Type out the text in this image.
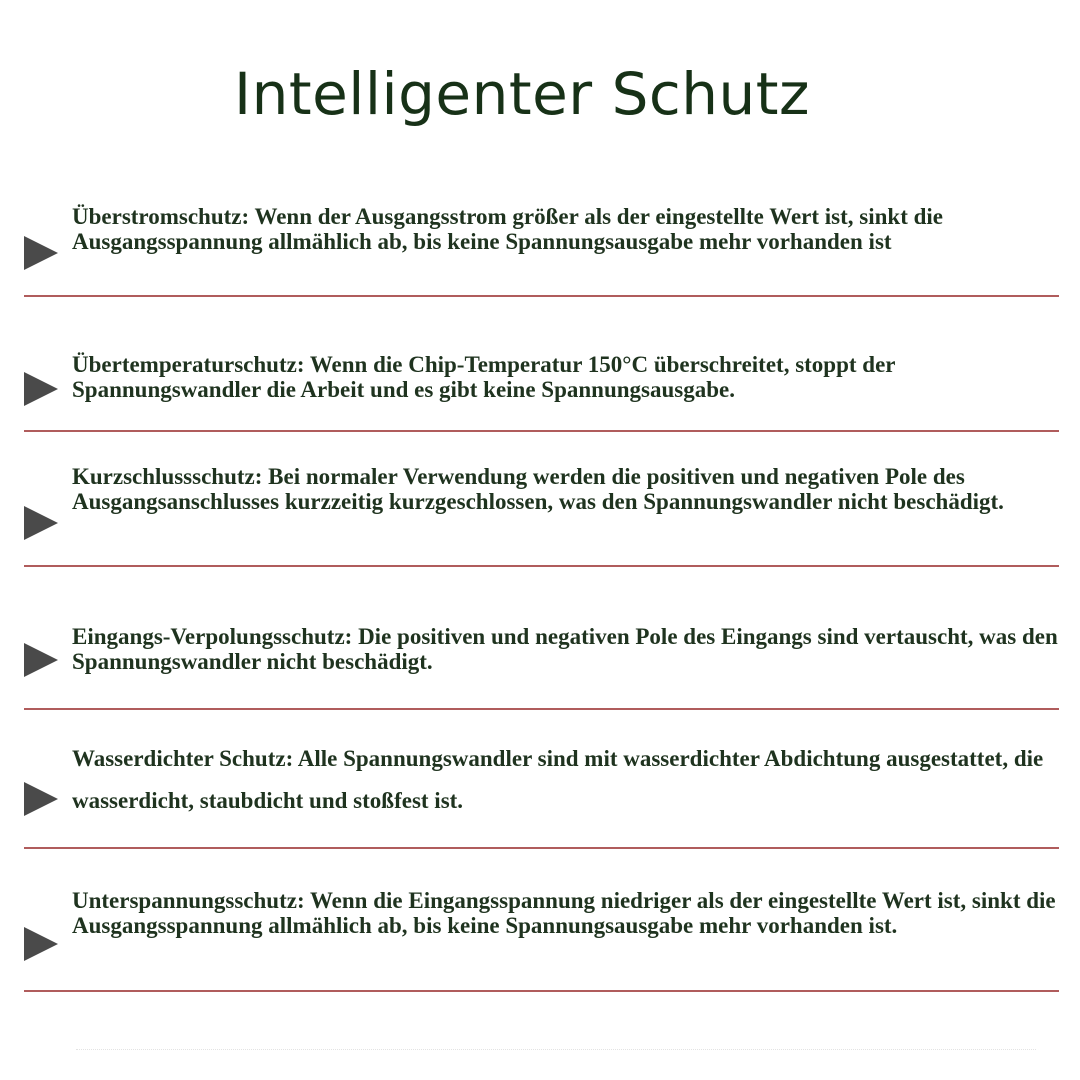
Intelligenter Schutz

Überstromschutz: Wenn der Ausgangsstrom größer als der eingestellte Wert ist, sinkt die Ausgangsspannung allmählich ab, bis keine Spannungsausgabe mehr vorhanden ist

Übertemperaturschutz: Wenn die Chip-Temperatur 150°C überschreitet, stoppt der Spannungswandler die Arbeit und es gibt keine Spannungsausgabe.

Kurzschlussschutz: Bei normaler Verwendung werden die positiven und negativen Pole des Ausgangsanschlusses kurzzeitig kurzgeschlossen, was den Spannungswandler nicht beschädigt.

Eingangs-Verpolungsschutz: Die positiven und negativen Pole des Eingangs sind vertauscht, was den Spannungswandler nicht beschädigt.

Wasserdichter Schutz: Alle Spannungswandler sind mit wasserdichter Abdichtung ausgestattet, die wasserdicht, staubdicht und stoßfest ist.

Unterspannungsschutz: Wenn die Eingangsspannung niedriger als der eingestellte Wert ist, sinkt die Ausgangsspannung allmählich ab, bis keine Spannungsausgabe mehr vorhanden ist.
